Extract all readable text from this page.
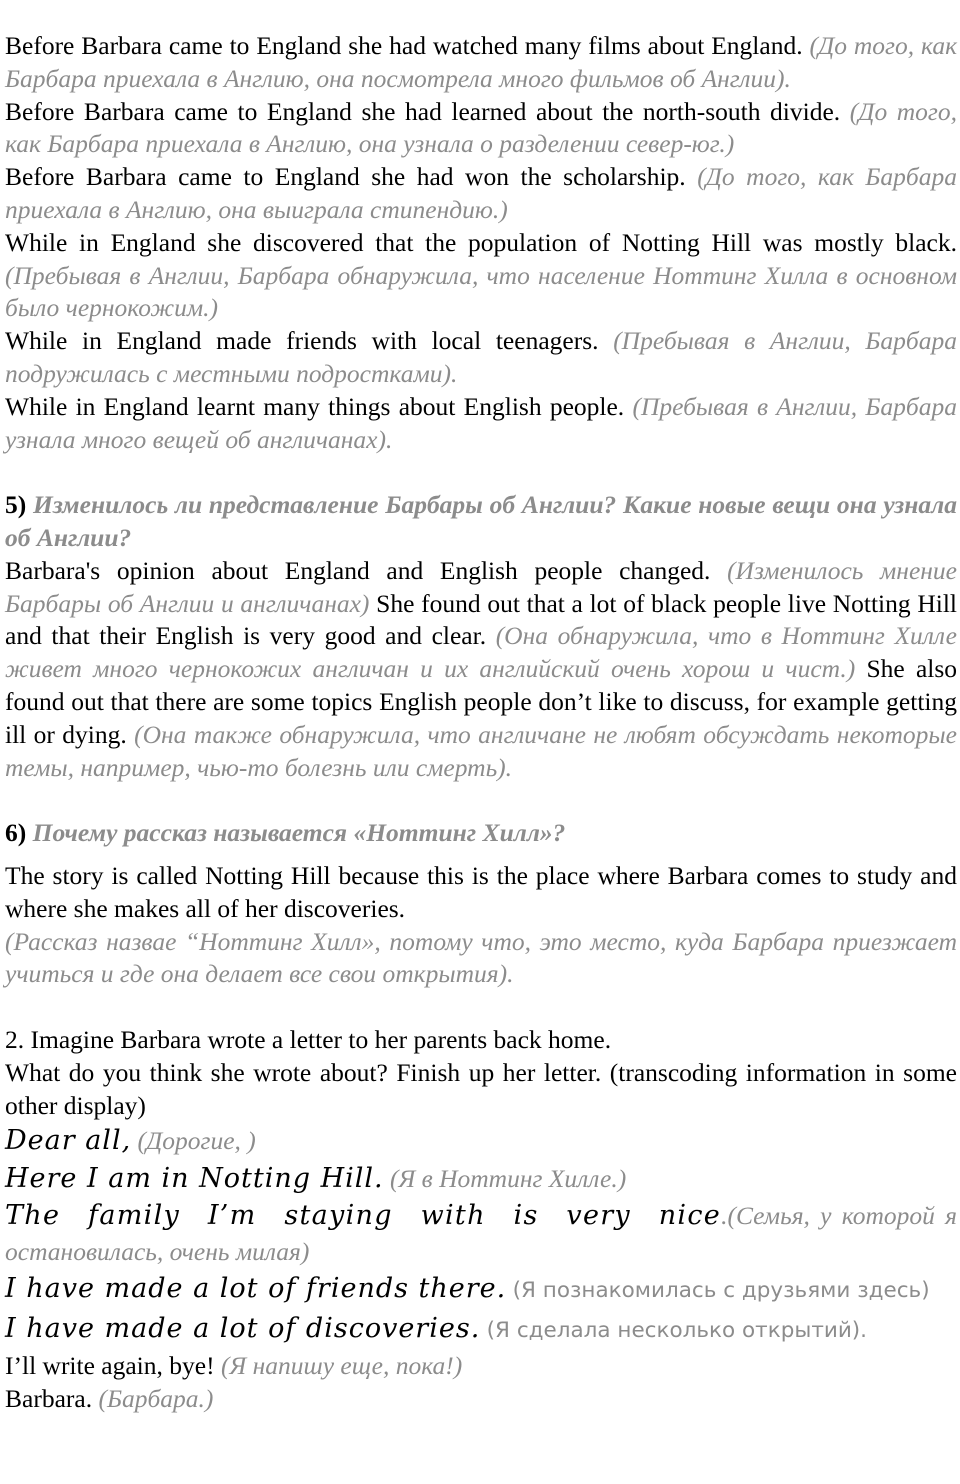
Before Barbara came to England she had watched many films about England. (До того, как Барбара приехала в Англию, она посмотрела много фильмов об Англии).

Before Barbara came to England she had learned about the north-south divide. (До того, как Барбара приехала в Англию, она узнала о разделении север-юг.)

Before Barbara came to England she had won the scholarship. (До того, как Барбара приехала в Англию, она выиграла стипендию.)

While in England she discovered that the population of Notting Hill was mostly black. (Пребывая в Англии, Барбара обнаружила, что население Ноттинг Хилла в основном было чернокожим.)

While in England made friends with local teenagers. (Пребывая в Англии, Барбара подружилась с местными подростками).

While in England learnt many things about English people. (Пребывая в Англии, Барбара узнала много вещей об англичанах).

5) Изменилось ли представление Барбары об Англии? Какие новые вещи она узнала об Англии?

Barbara's opinion about England and English people changed. (Изменилось мнение Барбары об Англии и англичанах) She found out that a lot of black people live Notting Hill and that their English is very good and clear. (Она обнаружила, что в Ноттинг Хилле живет много чернокожих англичан и их английский очень хорош и чист.) She also found out that there are some topics English people don’t like to discuss, for example getting ill or dying. (Она также обнаружила, что англичане не любят обсуждать некоторые темы, например, чью-то болезнь или смерть).

6) Почему рассказ называется «Ноттинг Хилл»?

The story is called Notting Hill because this is the place where Barbara comes to study and where she makes all of her discoveries.

(Рассказ назвае “Ноттинг Хилл», потому что, это место, куда Барбара приезжает учиться и где она делает все свои открытия).

2. Imagine Barbara wrote a letter to her parents back home.

What do you think she wrote about? Finish up her letter. (transcoding information in some other display)

Dear all, (Дорогие, )

Here I am in Notting Hill. (Я в Ноттинг Хилле.)

The family I’m staying with is very nice.(Семья, у которой я остановилась, очень милая)

I have made a lot of friends there. (Я познакомилась с друзьями здесь)

I have made a lot of discoveries. (Я сделала несколько открытий).

I’ll write again, bye! (Я напишу еще, пока!)

Barbara. (Барбара.)
